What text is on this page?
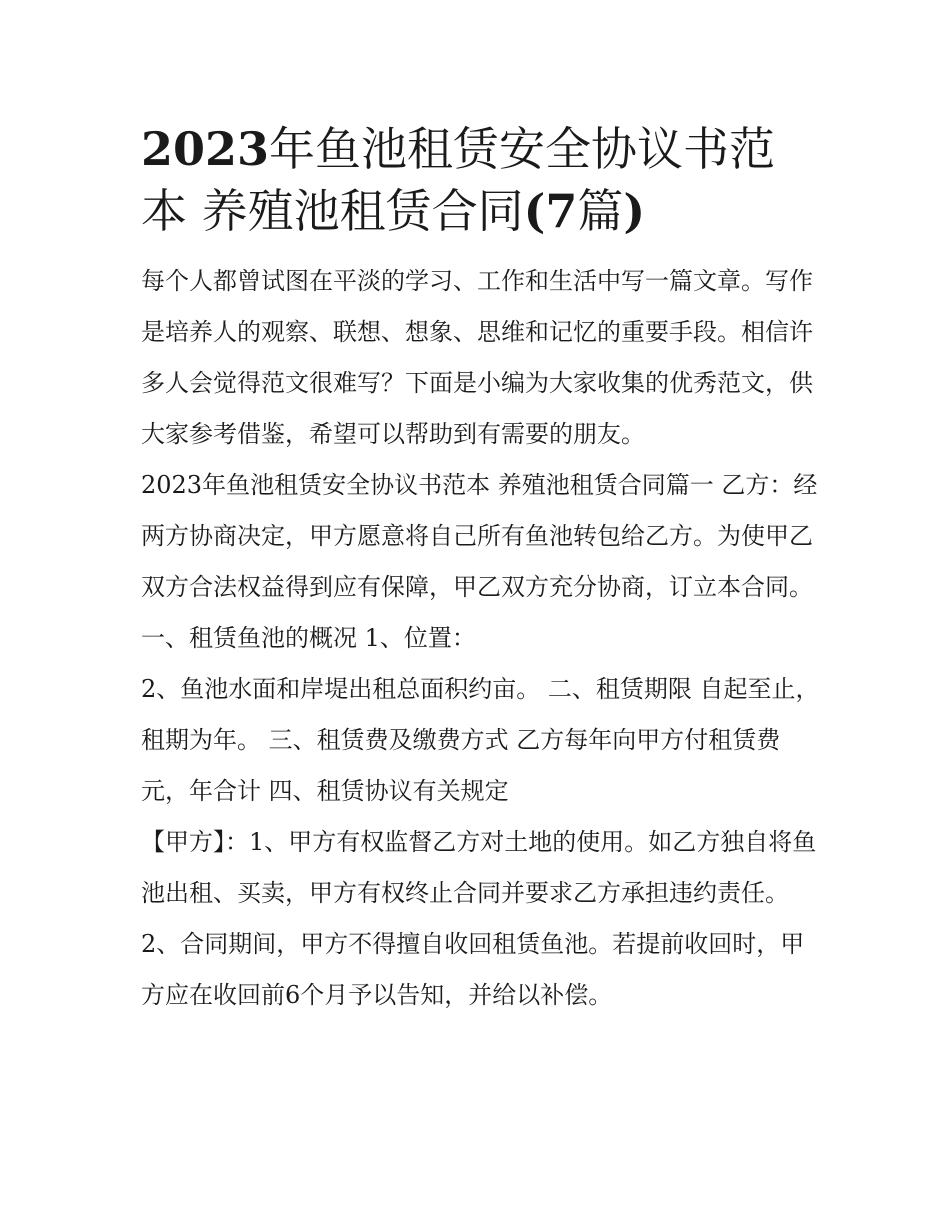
2023年鱼池租赁安全协议书范
本 养殖池租赁合同(7篇)

每个人都曾试图在平淡的学习、工作和生活中写一篇文章。写作是培养人的观察、联想、想象、思维和记忆的重要手段。相信许多人会觉得范文很难写？下面是小编为大家收集的优秀范文，供大家参考借鉴，希望可以帮助到有需要的朋友。

2023年鱼池租赁安全协议书范本 养殖池租赁合同篇一 乙方：经两方协商决定，甲方愿意将自己所有鱼池转包给乙方。为使甲乙双方合法权益得到应有保障，甲乙双方充分协商，订立本合同。 一、租赁鱼池的概况 1、位置：

2、鱼池水面和岸堤出租总面积约亩。 二、租赁期限 自起至止，租期为年。 三、租赁费及缴费方式 乙方每年向甲方付租赁费元，年合计 四、租赁协议有关规定

【甲方】：1、甲方有权监督乙方对土地的使用。如乙方独自将鱼池出租、买卖，甲方有权终止合同并要求乙方承担违约责任。

2、合同期间，甲方不得擅自收回租赁鱼池。若提前收回时，甲方应在收回前6个月予以告知，并给以补偿。
